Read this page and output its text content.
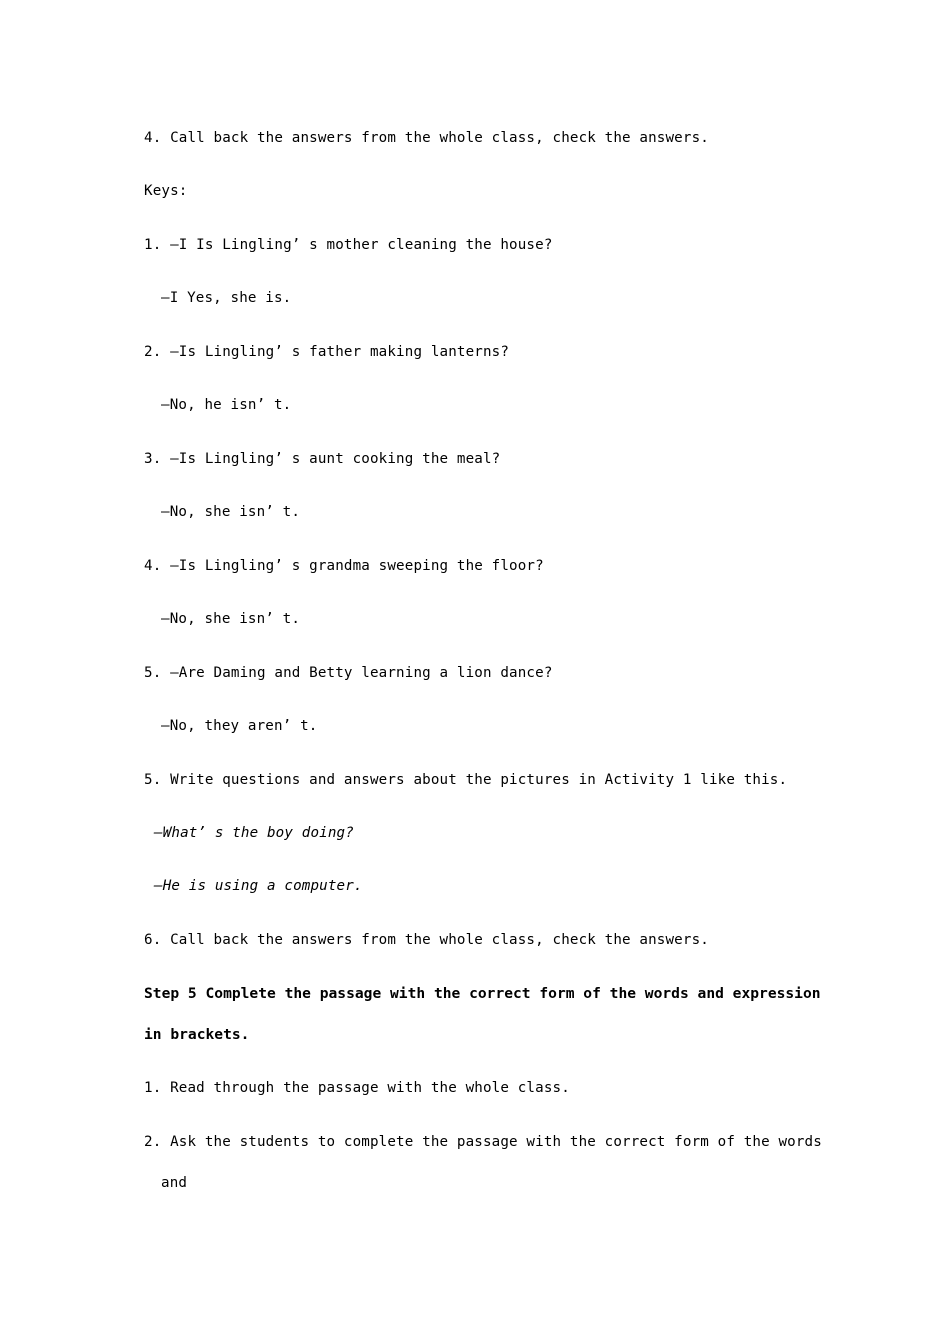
4. Call back the answers from the whole class, check the answers.
Keys:
1. —I Is Lingling’ s mother cleaning the house?
—I Yes, she is.
2. —Is Lingling’ s father making lanterns?
—No, he isn’ t.
3. —Is Lingling’ s aunt cooking the meal?
—No, she isn’ t.
4. —Is Lingling’ s grandma sweeping the floor?
—No, she isn’ t.
5. —Are Daming and Betty learning a lion dance?
—No, they aren’ t.
5. Write questions and answers about the pictures in Activity 1 like this.
—What’ s the boy doing?
—He is using a computer.
6. Call back the answers from the whole class, check the answers.
Step 5 Complete the passage with the correct form of the words and expression
in brackets.
1. Read through the passage with the whole class.
2. Ask the students to complete the passage with the correct form of the words
and
